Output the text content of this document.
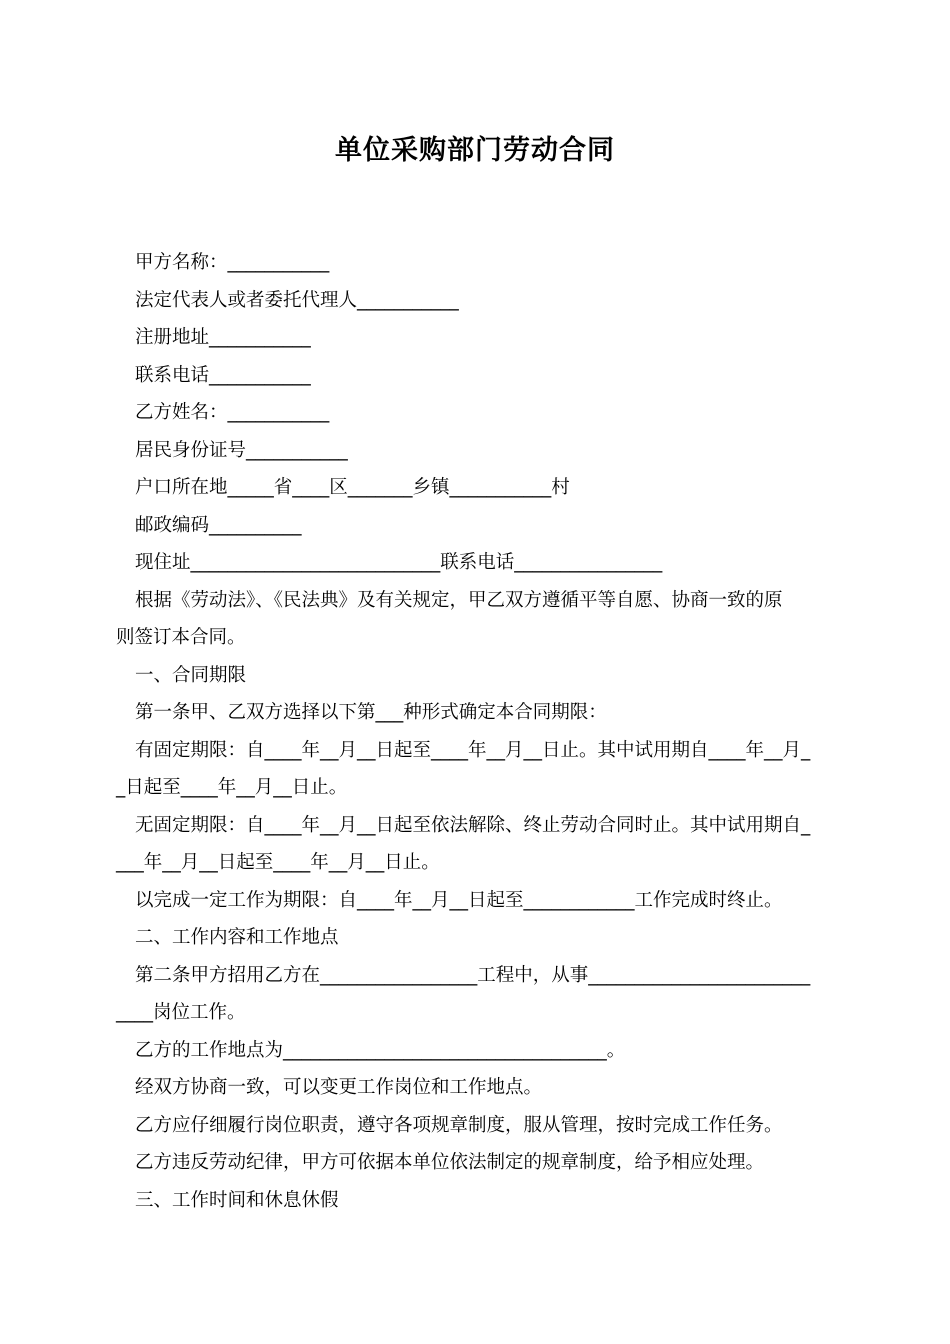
单位采购部门劳动合同

甲方名称：___________

法定代表人或者委托代理人___________

注册地址___________

联系电话___________

乙方姓名：___________

居民身份证号___________

户口所在地_____省____区_______乡镇___________村

邮政编码__________

现住址___________________________联系电话________________

根据《劳动法》、《民法典》及有关规定，甲乙双方遵循平等自愿、协商一致的原

则签订本合同。

一、合同期限

第一条甲、乙双方选择以下第___种形式确定本合同期限：

有固定期限：自____年__月__日起至____年__月__日止。其中试用期自____年__月_

_日起至____年__月__日止。

无固定期限：自____年__月__日起至依法解除、终止劳动合同时止。其中试用期自_

___年__月__日起至____年__月__日止。

以完成一定工作为期限：自____年__月__日起至____________工作完成时终止。

二、工作内容和工作地点

第二条甲方招用乙方在_________________工程中，从事________________________

____岗位工作。

乙方的工作地点为___________________________________。

经双方协商一致，可以变更工作岗位和工作地点。

乙方应仔细履行岗位职责，遵守各项规章制度，服从管理，按时完成工作任务。

乙方违反劳动纪律，甲方可依据本单位依法制定的规章制度，给予相应处理。

三、工作时间和休息休假
